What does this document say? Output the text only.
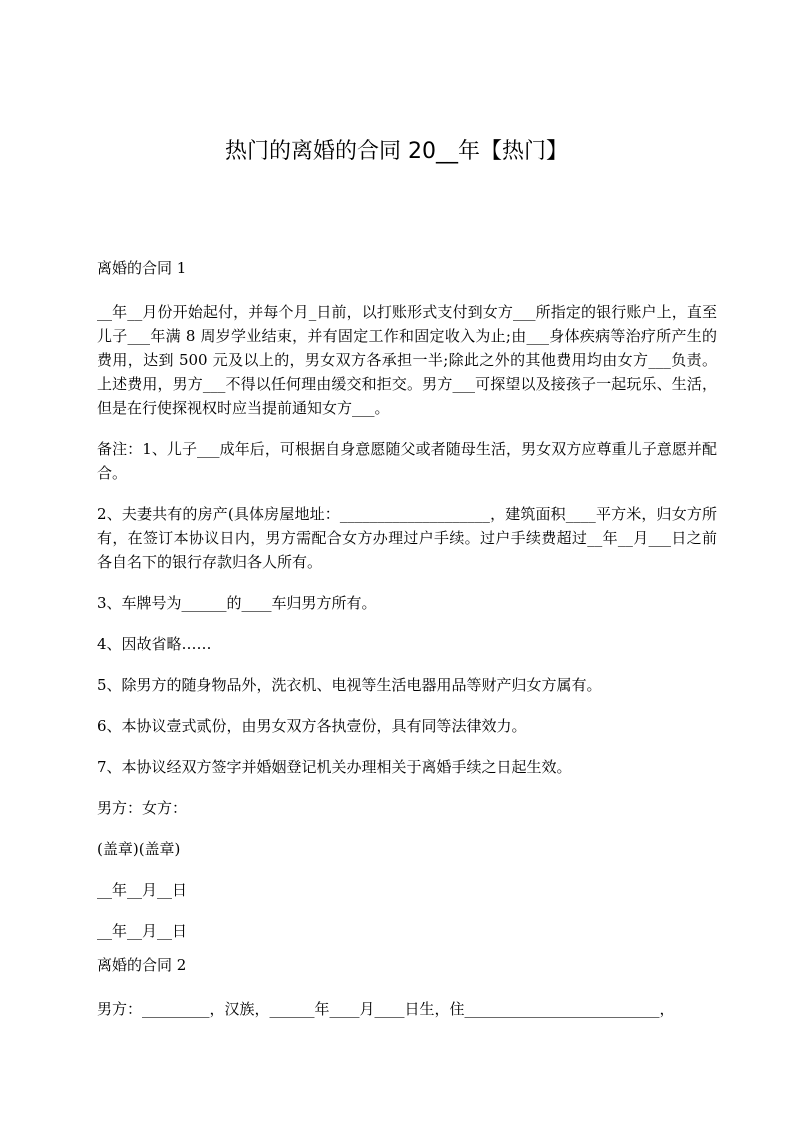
热门的离婚的合同 20__年【热门】

离婚的合同 1

__年__月份开始起付，并每个月_日前，以打账形式支付到女方___所指定的银行账户上，直至儿子___年满 8 周岁学业结束，并有固定工作和固定收入为止;由___身体疾病等治疗所产生的费用，达到 500 元及以上的，男女双方各承担一半;除此之外的其他费用均由女方___负责。上述费用，男方___不得以任何理由缓交和拒交。男方___可探望以及接孩子一起玩乐、生活，但是在行使探视权时应当提前通知女方___。

备注：1、儿子___成年后，可根据自身意愿随父或者随母生活，男女双方应尊重儿子意愿并配合。

2、夫妻共有的房产(具体房屋地址：____________________，建筑面积____平方米，归女方所有，在签订本协议日内，男方需配合女方办理过户手续。过户手续费超过__年__月___日之前各自名下的银行存款归各人所有。

3、车牌号为______的____车归男方所有。

4、因故省略……

5、除男方的随身物品外，洗衣机、电视等生活电器用品等财产归女方属有。

6、本协议壹式贰份，由男女双方各执壹份，具有同等法律效力。

7、本协议经双方签字并婚姻登记机关办理相关于离婚手续之日起生效。

男方：女方：

(盖章)(盖章)

__年__月__日

__年__月__日

离婚的合同 2

男方：_________，汉族，______年____月____日生，住__________________________，
